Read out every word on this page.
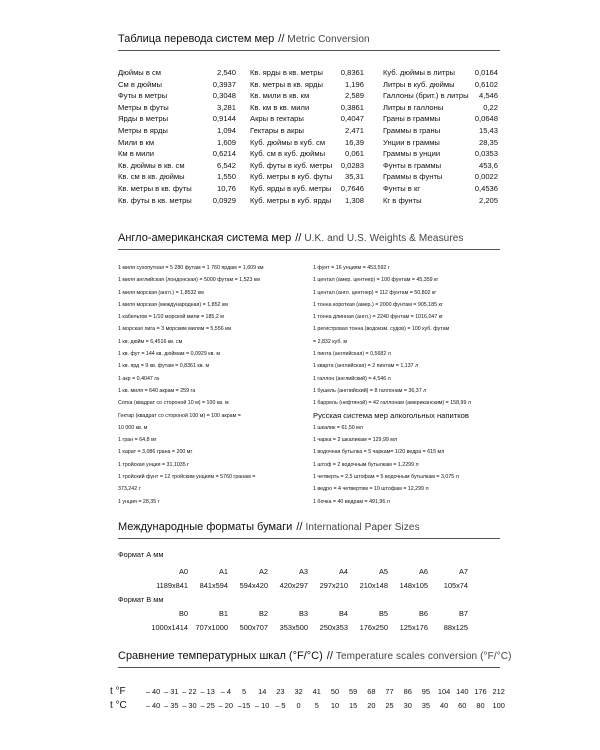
Таблица перевода систем мер // Metric Conversion
Дюймы в см	2,540
См в дюймы	0,3937
Футы в метры	0,3048
Метры в футы	3,281
Ярды в метры	0,9144
Метры в ярды	1,094
Мили в км	1,609
Км в мили	0,6214
Кв. дюймы в кв. см	6,542
Кв. см в кв. дюймы	1,550
Кв. метры в кв. футы	10,76
Кв. футы в кв. метры	0,0929
Кв. ярды в кв. метры 0,8361
Кв. метры в кв. ярды	1,196
Кв. мили в кв. км	2,589
Кв. км в кв. мили	0,3861
Акры в гектары	0,4047
Гектары в акры	2,471
Куб. дюймы в куб. см	16,39
Куб. см в куб. дюймы	0,061
Куб. футы в куб. метры 0,0283
Куб. метры в куб. футы 35,31
Куб. ярды в куб. метры 0,7646
Куб. метры в куб. ярды 1,308
Куб. дюймы в литры	0,0164
Литры в куб. дюймы	0,6102
Галлоны (брит.) в литры 4,546
Литры в галлоны	0,22
Граны в граммы	0,0648
Граммы в граны	15,43
Унции в граммы	28,35
Граммы в унции	0,0353
Фунты в граммы	453,6
Граммы в фунты	0,0022
Фунты в кг	0,4536
Кг в фунты	2,205
Англо-американская система мер // U.K. and U.S. Weights & Measures
1 миля сухопутная = 5 280 футам = 1 760 ярдам = 1,609 км
1 миля английская (лондонская) = 5000 футам = 1,523 км
1 миля морская (англ.) = 1,8532 км
1 миля морская (международная) = 1,852 км
1 кабельтов = 1/10 морской мили = 185,2 м
1 морская лига = 3 морским милям = 5,556 км
1 кв. дюйм = 6,4516 кв. см
1 кв. фут = 144 кв. дюймам = 0,0929 кв. м
1 кв. ярд = 9 кв. футам = 0,8361 кв. м
1 акр = 0,4047 га
1 кв. миля = 640 акрам = 259 га
Сотка (квадрат со стороной 10 м) = 100 кв. м
Гектар (квадрат со стороной 100 м) = 100 акрам =
10 000 кв. м
1 гран = 64,8 мг
1 карат = 3,086 грана = 200 мг
1 тройская унция = 31,1035 г
1 тройский фунт = 12 тройским унциям = 5760 гранам =
373,242 г
1 унция = 28,35 г
1 фунт = 16 унциям = 453,592 г
1 центал (амер. центнер) = 100 фунтам = 45,359 кг
1 центал (англ. центнер) = 112 фунтам = 50,802 кг
1 тонна короткая (амер.) = 2000 фунтам = 905,185 кг
1 тонна длинная (англ.) = 2240 фунтам = 1016,047 кг
1 регистровая тонна (водоизм. судов) = 100 куб. футам
= 2,832 куб. м
1 пинта (английская) = 0,5682 л
1 кварта (английская) = 2 пинтам = 1,137 л
1 галлон (английский) = 4,546 л
1 бушель (английский) = 8 галлонам = 36,37 л
1 баррель (нефтяной) = 42 галлонам (американским) = 158,99 л
Русская система мер алкогольных напитков
1 шкалик = 61,50 мл
1 чарка = 2 шкаликам = 129,99 мл
1 водочная бутылка = 5 чаркам= 1/20 ведра = 615 мл
1 штоф = 2 водочным бутылкам = 1,2299 л
1 четверть = 2,5 штофам = 5 водочным бутылкам = 3,075 л
1 ведро = 4 четвертям = 10 штофам = 12,299 л
1 бочка = 40 ведрам = 491,96 л
Международные форматы бумаги // International Paper Sizes
Формат А мм
A0	A1	A2	A3	A4	A5	A6	A7
1189x841	841x594	594x420	420x297	297x210	210x148	148x105	105x74
Формат В мм
B0	B1	B2	B3	B4	B5	B6	B7
1000x1414	707x1000	500x707	353x500	250x353	176x250	125x176	88x125
Сравнение температурных шкал (°F/°C) // Temperature scales conversion (°F/°C)
t °F	– 40 – 31 – 22 – 13 – 4	5	14	23	32	41	50	59	68	77	86	95	104 140 176 212
t °C	– 40 – 35 – 30 – 25 – 20 –15 – 10 – 5	0	5	10	15	20	25	30	35	40	60	80	100
